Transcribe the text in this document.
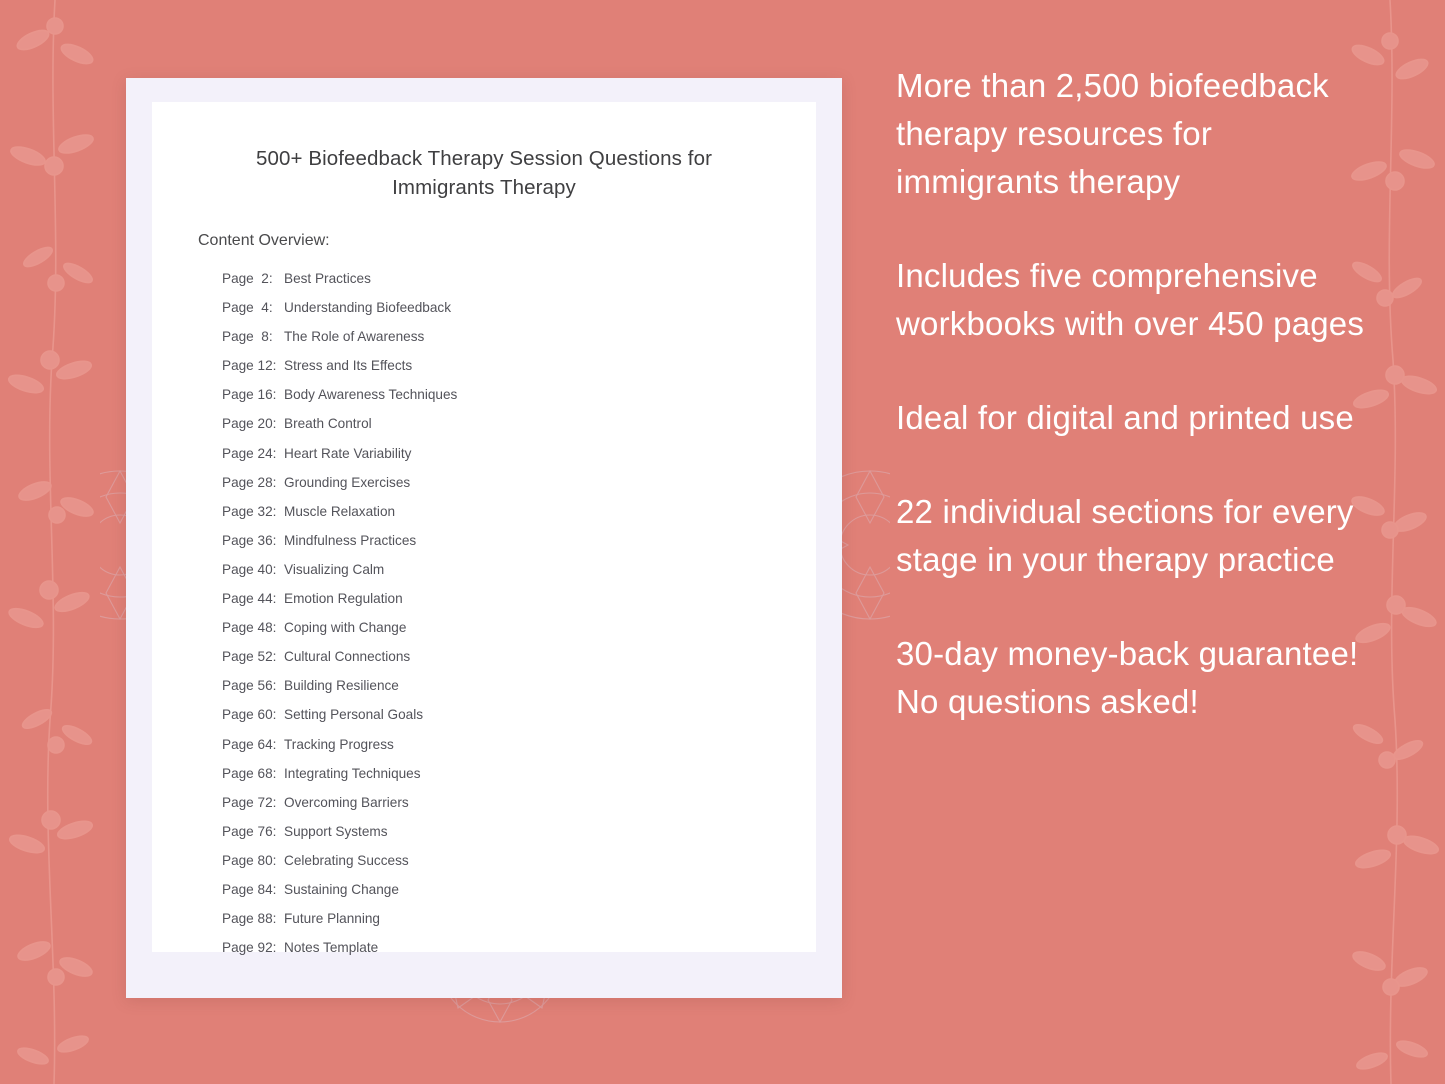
500+ Biofeedback Therapy Session Questions for Immigrants Therapy
Content Overview:
Page  2: Best Practices
Page  4: Understanding Biofeedback
Page  8: The Role of Awareness
Page 12: Stress and Its Effects
Page 16: Body Awareness Techniques
Page 20: Breath Control
Page 24: Heart Rate Variability
Page 28: Grounding Exercises
Page 32: Muscle Relaxation
Page 36: Mindfulness Practices
Page 40: Visualizing Calm
Page 44: Emotion Regulation
Page 48: Coping with Change
Page 52: Cultural Connections
Page 56: Building Resilience
Page 60: Setting Personal Goals
Page 64: Tracking Progress
Page 68: Integrating Techniques
Page 72: Overcoming Barriers
Page 76: Support Systems
Page 80: Celebrating Success
Page 84: Sustaining Change
Page 88: Future Planning
Page 92: Notes Template

More than 2,500 biofeedback therapy resources for immigrants therapy

Includes five comprehensive workbooks with over 450 pages

Ideal for digital and printed use

22 individual sections for every stage in your therapy practice

30-day money-back guarantee! No questions asked!
